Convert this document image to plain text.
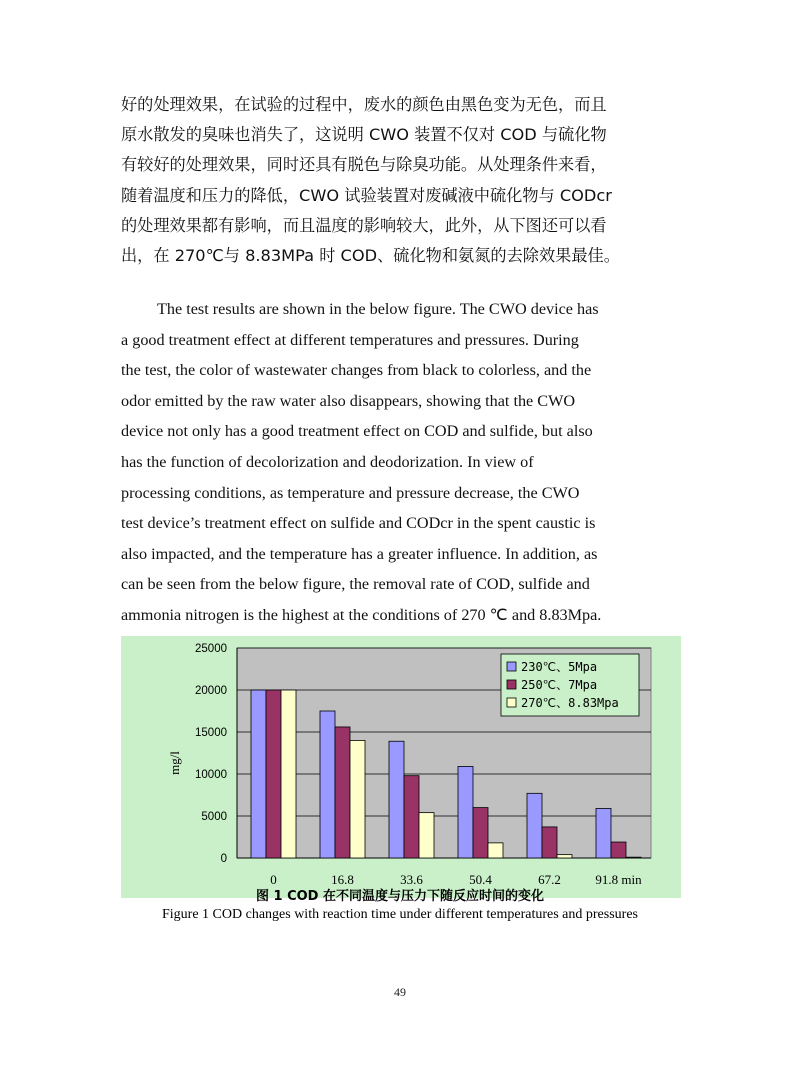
好的处理效果，在试验的过程中，废水的颜色由黑色变为无色，而且
原水散发的臭味也消失了，这说明 CWO 装置不仅对 COD 与硫化物
有较好的处理效果，同时还具有脱色与除臭功能。从处理条件来看，
随着温度和压力的降低，CWO 试验装置对废碱液中硫化物与 CODcr
的处理效果都有影响，而且温度的影响较大，此外，从下图还可以看
出，在 270℃与 8.83MPa 时 COD、硫化物和氨氮的去除效果最佳。
The test results are shown in the below figure. The CWO device has
a good treatment effect at different temperatures and pressures. During
the test, the color of wastewater changes from black to colorless, and the
odor emitted by the raw water also disappears, showing that the CWO
device not only has a good treatment effect on COD and sulfide, but also
has the function of decolorization and deodorization. In view of
processing conditions, as temperature and pressure decrease, the CWO
test device’s treatment effect on sulfide and CODcr in the spent caustic is
also impacted, and the temperature has a greater influence. In addition, as
can be seen from the below figure, the removal rate of COD, sulfide and
ammonia nitrogen is the highest at the conditions of 270 ℃ and 8.83Mpa.
0
5000
10000
15000
20000
25000
mg/l
0	16.8	33.6	50.4	67.2	91.8 min
230℃、5Mpa
250℃、7Mpa
270℃、8.83Mpa
图 1 COD 在不同温度与压力下随反应时间的变化
Figure 1 COD changes with reaction time under different temperatures and pressures
49
